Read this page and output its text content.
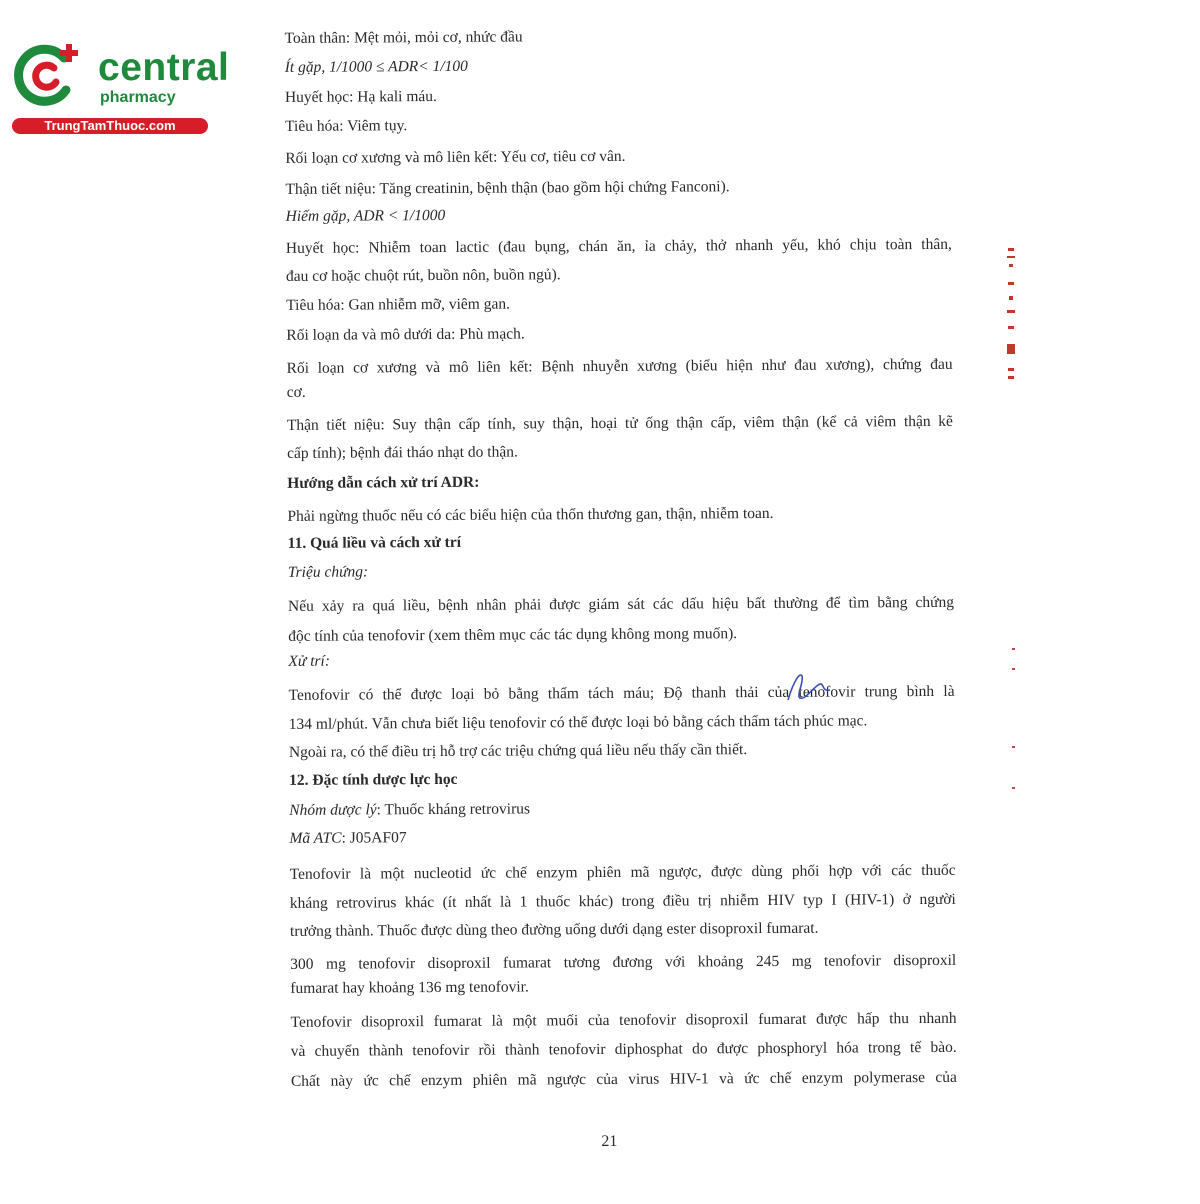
central
pharmacy
TrungTamThuoc.com
Toàn thân: Mệt mỏi, mỏi cơ, nhức đầu
Ít gặp, 1/1000 ≤ ADR< 1/100
Huyết học: Hạ kali máu.
Tiêu hóa: Viêm tụy.
Rối loạn cơ xương và mô liên kết: Yếu cơ, tiêu cơ vân.
Thận tiết niệu: Tăng creatinin, bệnh thận (bao gồm hội chứng Fanconi).
Hiếm gặp, ADR < 1/1000
Huyết học: Nhiễm toan lactic (đau bụng, chán ăn, ỉa chảy, thở nhanh yếu, khó chịu toàn thân,
đau cơ hoặc chuột rút, buồn nôn, buồn ngủ).
Tiêu hóa: Gan nhiễm mỡ, viêm gan.
Rối loạn da và mô dưới da: Phù mạch.
Rối loạn cơ xương và mô liên kết: Bệnh nhuyễn xương (biểu hiện như đau xương), chứng đau
cơ.
Thận tiết niệu: Suy thận cấp tính, suy thận, hoại tử ống thận cấp, viêm thận (kể cả viêm thận kẽ
cấp tính); bệnh đái tháo nhạt do thận.
Hướng dẫn cách xử trí ADR:
Phải ngừng thuốc nếu có các biểu hiện của thổn thương gan, thận, nhiễm toan.
11. Quá liều và cách xử trí
Triệu chứng:
Nếu xảy ra quá liều, bệnh nhân phải được giám sát các dấu hiệu bất thường để tìm bằng chứng
độc tính của tenofovir (xem thêm mục các tác dụng không mong muốn).
Xử trí:
Tenofovir có thể được loại bỏ bằng thẩm tách máu; Độ thanh thải của tenofovir trung bình là
134 ml/phút. Vẫn chưa biết liệu tenofovir có thể được loại bỏ bằng cách thẩm tách phúc mạc.
Ngoài ra, có thể điều trị hỗ trợ các triệu chứng quá liều nếu thấy cần thiết.
12. Đặc tính dược lực học
Nhóm dược lý: Thuốc kháng retrovirus
Mã ATC: J05AF07
Tenofovir là một nucleotid ức chế enzym phiên mã ngược, được dùng phối hợp với các thuốc
kháng retrovirus khác (ít nhất là 1 thuốc khác) trong điều trị nhiễm HIV typ I (HIV-1) ở người
trưởng thành. Thuốc được dùng theo đường uống dưới dạng ester disoproxil fumarat.
300 mg tenofovir disoproxil fumarat tương đương với khoảng 245 mg tenofovir disoproxil
fumarat hay khoảng 136 mg tenofovir.
Tenofovir disoproxil fumarat là một muối của tenofovir disoproxil fumarat được hấp thu nhanh
và chuyển thành tenofovir rồi thành tenofovir diphosphat do được phosphoryl hóa trong tế bào.
Chất này ức chế enzym phiên mã ngược của virus HIV-1 và ức chế enzym polymerase của
21
